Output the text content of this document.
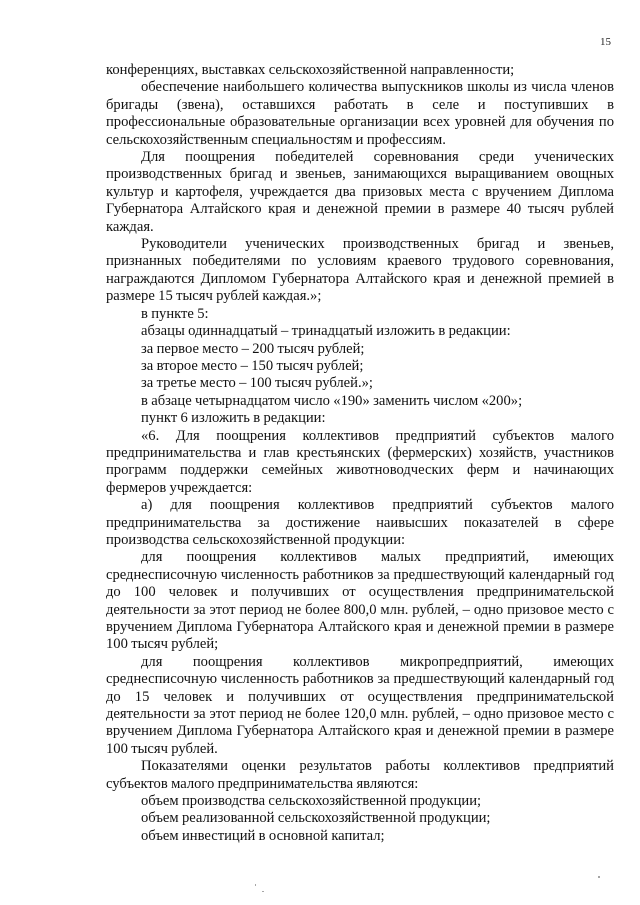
15

конференциях, выставках сельскохозяйственной направленности;

обеспечение наибольшего количества выпускников школы из числа членов бригады (звена), оставшихся работать в селе и поступивших в профессиональные образовательные организации всех уровней для обучения по сельскохозяйственным специальностям и профессиям.

Для поощрения победителей соревнования среди ученических производственных бригад и звеньев, занимающихся выращиванием овощных культур и картофеля, учреждается два призовых места с вручением Диплома Губернатора Алтайского края и денежной премии в размере 40 тысяч рублей каждая.

Руководители ученических производственных бригад и звеньев, признанных победителями по условиям краевого трудового соревнования, награждаются Дипломом Губернатора Алтайского края и денежной премией в размере 15 тысяч рублей каждая.»;

в пункте 5:

абзацы одиннадцатый – тринадцатый изложить в редакции:

за первое место – 200 тысяч рублей;

за второе место – 150 тысяч рублей;

за третье место – 100 тысяч рублей.»;

в абзаце четырнадцатом число «190» заменить числом «200»;

пункт 6 изложить в редакции:

«6. Для поощрения коллективов предприятий субъектов малого предпринимательства и глав крестьянских (фермерских) хозяйств, участников программ поддержки семейных животноводческих ферм и начинающих фермеров учреждается:

а) для поощрения коллективов предприятий субъектов малого предпринимательства за достижение наивысших показателей в сфере производства сельскохозяйственной продукции:

для поощрения коллективов малых предприятий, имеющих среднесписочную численность работников за предшествующий календарный год до 100 человек и получивших от осуществления предпринимательской деятельности за этот период не более 800,0 млн. рублей, – одно призовое место с вручением Диплома Губернатора Алтайского края и денежной премии в размере 100 тысяч рублей;

для поощрения коллективов микропредприятий, имеющих среднесписочную численность работников за предшествующий календарный год до 15 человек и получивших от осуществления предпринимательской деятельности за этот период не более 120,0 млн. рублей, – одно призовое место с вручением Диплома Губернатора Алтайского края и денежной премии в размере 100 тысяч рублей.

Показателями оценки результатов работы коллективов предприятий субъектов малого предпринимательства являются:

объем производства сельскохозяйственной продукции;

объем реализованной сельскохозяйственной продукции;

объем инвестиций в основной капитал;
